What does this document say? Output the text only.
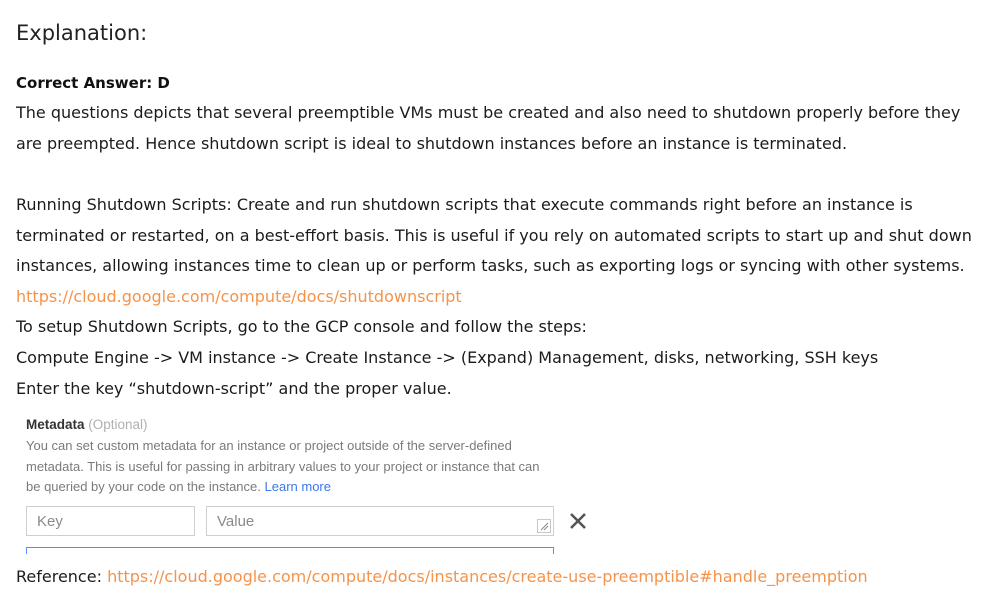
Explanation:
Correct Answer: D
The questions depicts that several preemptible VMs must be created and also need to shutdown properly before they
are preempted. Hence shutdown script is ideal to shutdown instances before an instance is terminated.
Running Shutdown Scripts: Create and run shutdown scripts that execute commands right before an instance is
terminated or restarted, on a best-effort basis. This is useful if you rely on automated scripts to start up and shut down
instances, allowing instances time to clean up or perform tasks, such as exporting logs or syncing with other systems.
https://cloud.google.com/compute/docs/shutdownscript
To setup Shutdown Scripts, go to the GCP console and follow the steps:
Compute Engine -> VM instance -> Create Instance -> (Expand) Management, disks, networking, SSH keys
Enter the key “shutdown-script” and the proper value.
Metadata (Optional)
You can set custom metadata for an instance or project outside of the server-defined
metadata. This is useful for passing in arbitrary values to your project or instance that can
be queried by your code on the instance. Learn more
Key	Value
Reference: https://cloud.google.com/compute/docs/instances/create-use-preemptible#handle_preemption
